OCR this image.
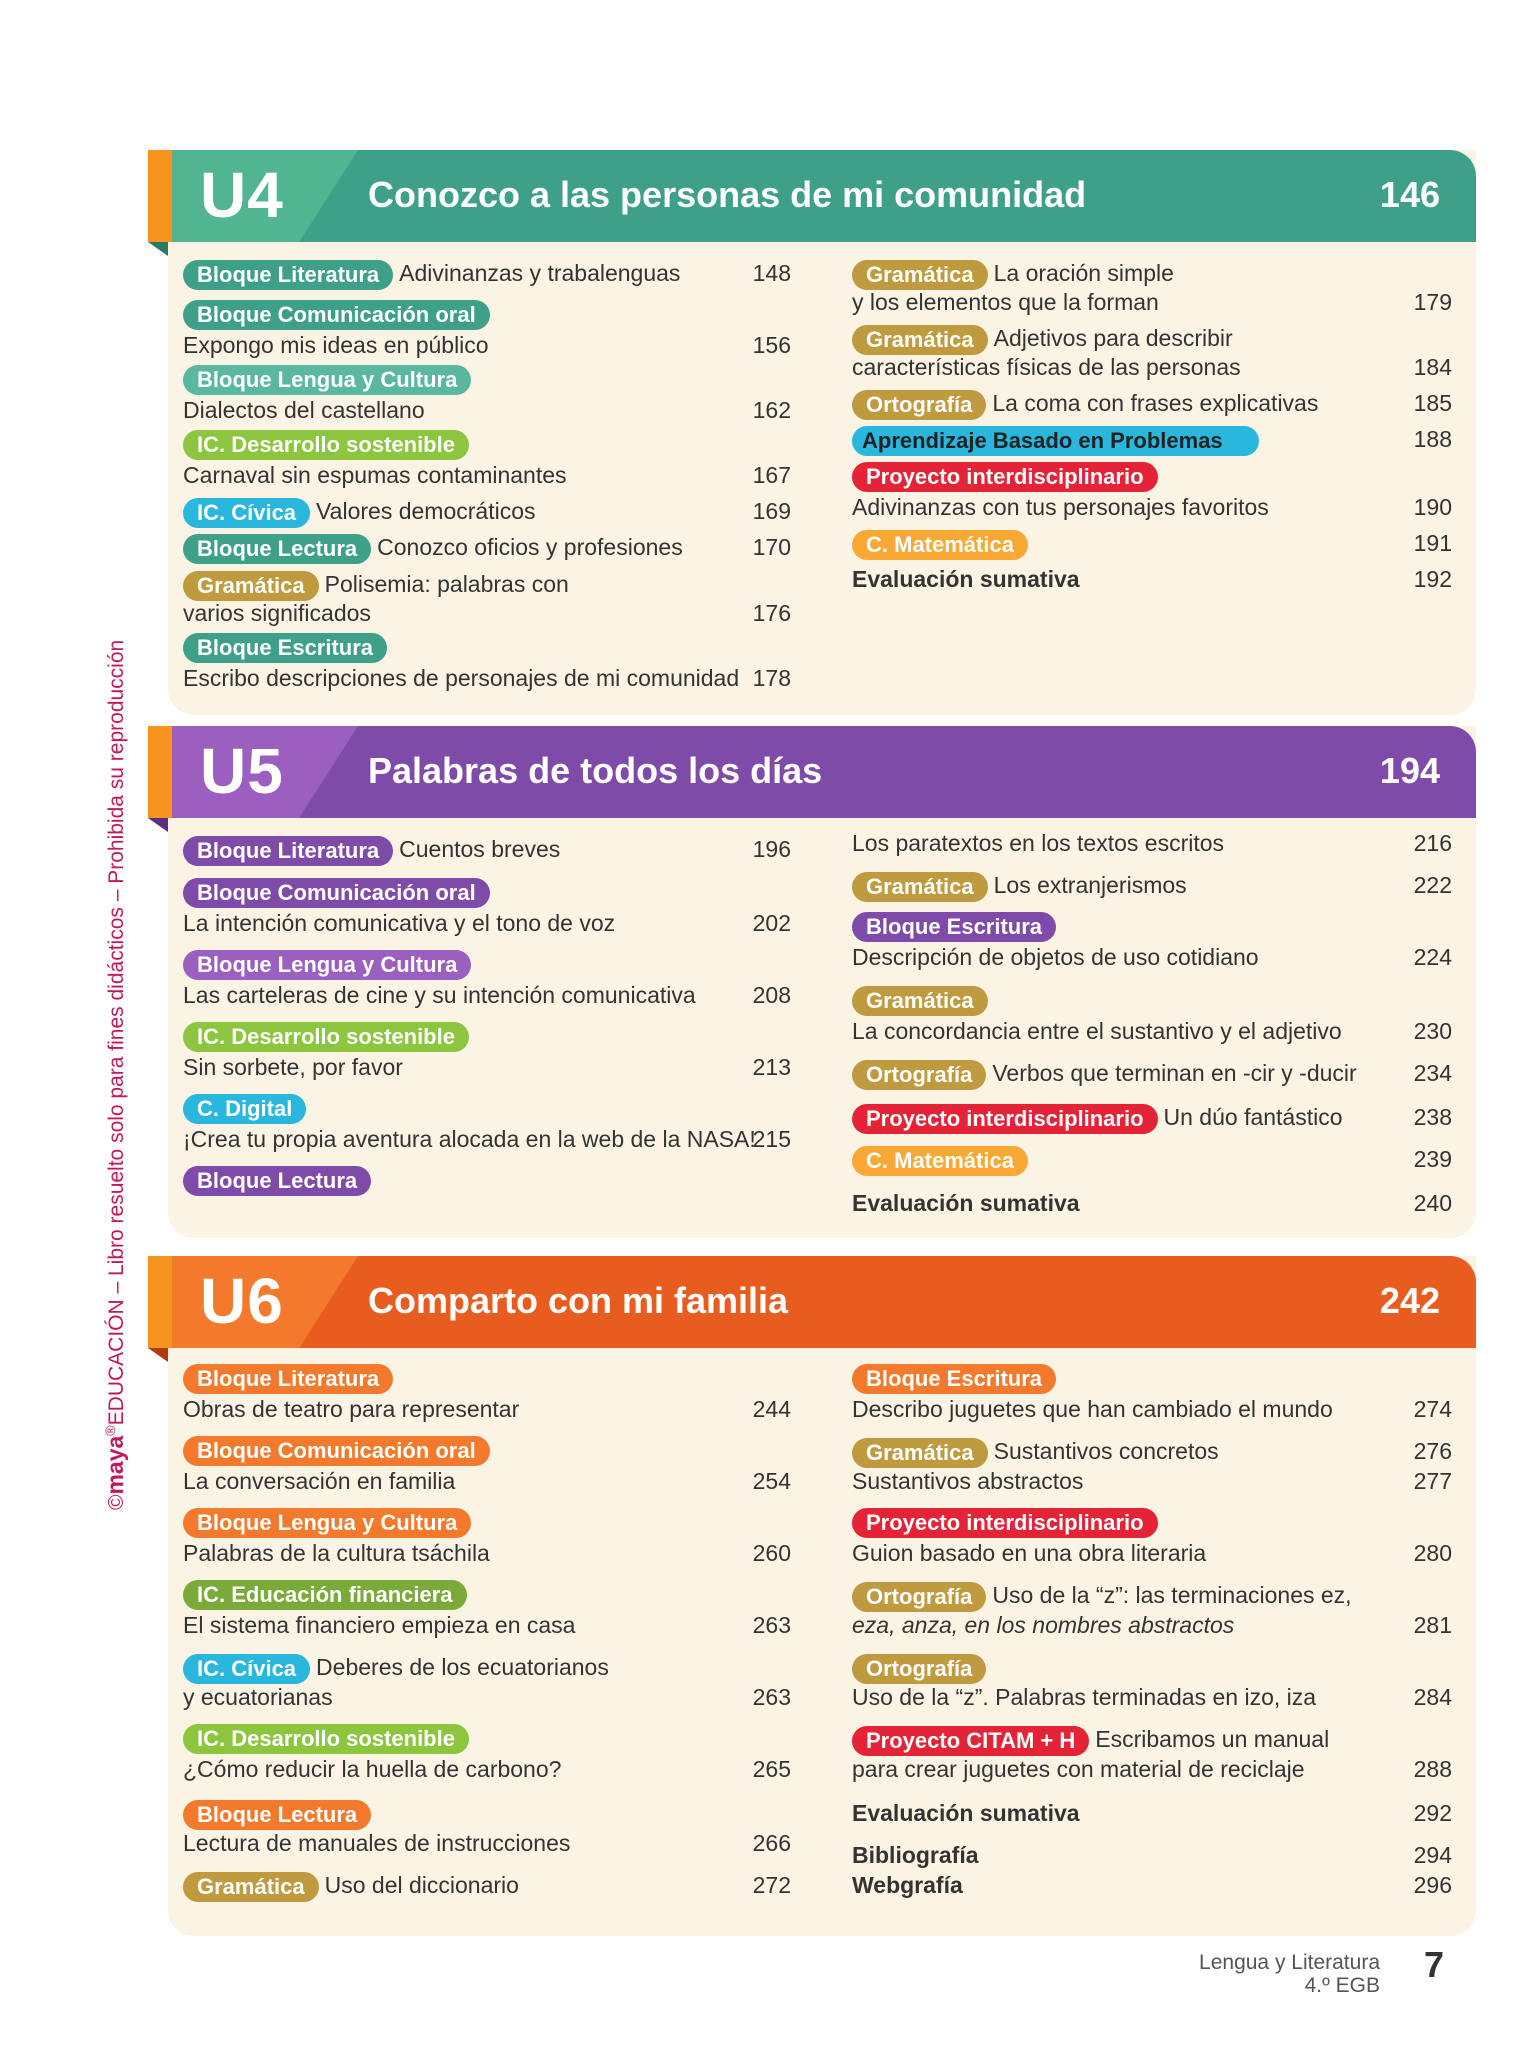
©maya®EDUCACIÓN – Libro resuelto solo para fines didácticos – Prohibida su reproducción
U4 Conozco a las personas de mi comunidad	146
Bloque Literatura Adivinanzas y trabalenguas	148
Bloque Comunicación oral
Expongo mis ideas en público	156
Bloque Lengua y Cultura
Dialectos del castellano	162
IC. Desarrollo sostenible
Carnaval sin espumas contaminantes	167
IC. Cívica Valores democráticos	169
Bloque Lectura Conozco oficios y profesiones	170
Gramática Polisemia: palabras con
varios significados	176
Bloque Escritura
Escribo descripciones de personajes de mi comunidad 178
Gramática La oración simple
y los elementos que la forman	179
Gramática Adjetivos para describir
características físicas de las personas	184
Ortografía La coma con frases explicativas	185
Aprendizaje Basado en Problemas	188
Proyecto interdisciplinario
Adivinanzas con tus personajes favoritos	190
C. Matemática	191
Evaluación sumativa	192
U5 Palabras de todos los días	194
Bloque Literatura Cuentos breves	196
Bloque Comunicación oral
La intención comunicativa y el tono de voz	202
Bloque Lengua y Cultura
Las carteleras de cine y su intención comunicativa 208
IC. Desarrollo sostenible
Sin sorbete, por favor	213
C. Digital
¡Crea tu propia aventura alocada en la web de la NASA!
215
Bloque Lectura
Los paratextos en los textos escritos	216
Gramática Los extranjerismos	222
Bloque Escritura
Descripción de objetos de uso cotidiano	224
Gramática
La concordancia entre el sustantivo y el adjetivo	230
Ortografía Verbos que terminan en -cir y -ducir 234
Proyecto interdisciplinario Un dúo fantástico	238
C. Matemática	239
Evaluación sumativa	240
U6 Comparto con mi familia	242
Bloque Literatura
Obras de teatro para representar	244
Bloque Comunicación oral
La conversación en familia	254
Bloque Lengua y Cultura
Palabras de la cultura tsáchila	260
IC. Educación financiera
El sistema financiero empieza en casa	263
IC. Cívica Deberes de los ecuatorianos
y ecuatorianas	263
IC. Desarrollo sostenible
¿Cómo reducir la huella de carbono?	265
Bloque Lectura
Lectura de manuales de instrucciones	266
Gramática Uso del diccionario	272
Bloque Escritura
Describo juguetes que han cambiado el mundo	274
Gramática Sustantivos concretos	276
Sustantivos abstractos	277
Proyecto interdisciplinario
Guion basado en una obra literaria	280
Ortografía Uso de la “z”: las terminaciones ez,
eza, anza, en los nombres abstractos	281
Ortografía
Uso de la “z”. Palabras terminadas en izo, iza	284
Proyecto CITAM + H Escribamos un manual
para crear juguetes con material de reciclaje	288
Evaluación sumativa	292
Bibliografía	294
Webgrafía	296
Lengua y Literatura
4.º EGB
7
